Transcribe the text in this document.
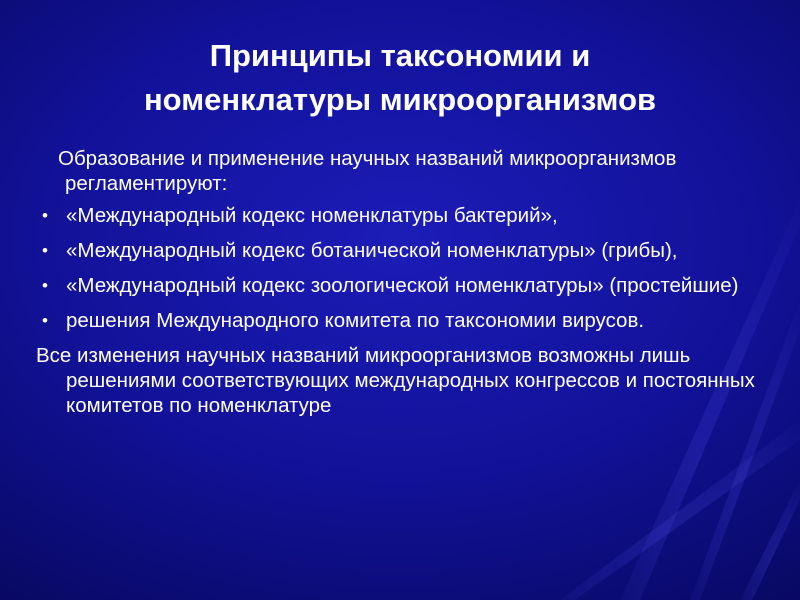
Принципы таксономии и
номенклатуры микроорганизмов

Образование и применение научных названий микроорганизмов регламентируют:

• «Международный кодекс номенклатуры бактерий»,
• «Международный кодекс ботанической номенклатуры» (грибы),
• «Международный кодекс зоологической номенклатуры» (простейшие)
• решения Международного комитета по таксономии вирусов.

Все изменения научных названий микроорганизмов возможны лишь решениями соответствующих международных конгрессов и постоянных комитетов по номенклатуре
